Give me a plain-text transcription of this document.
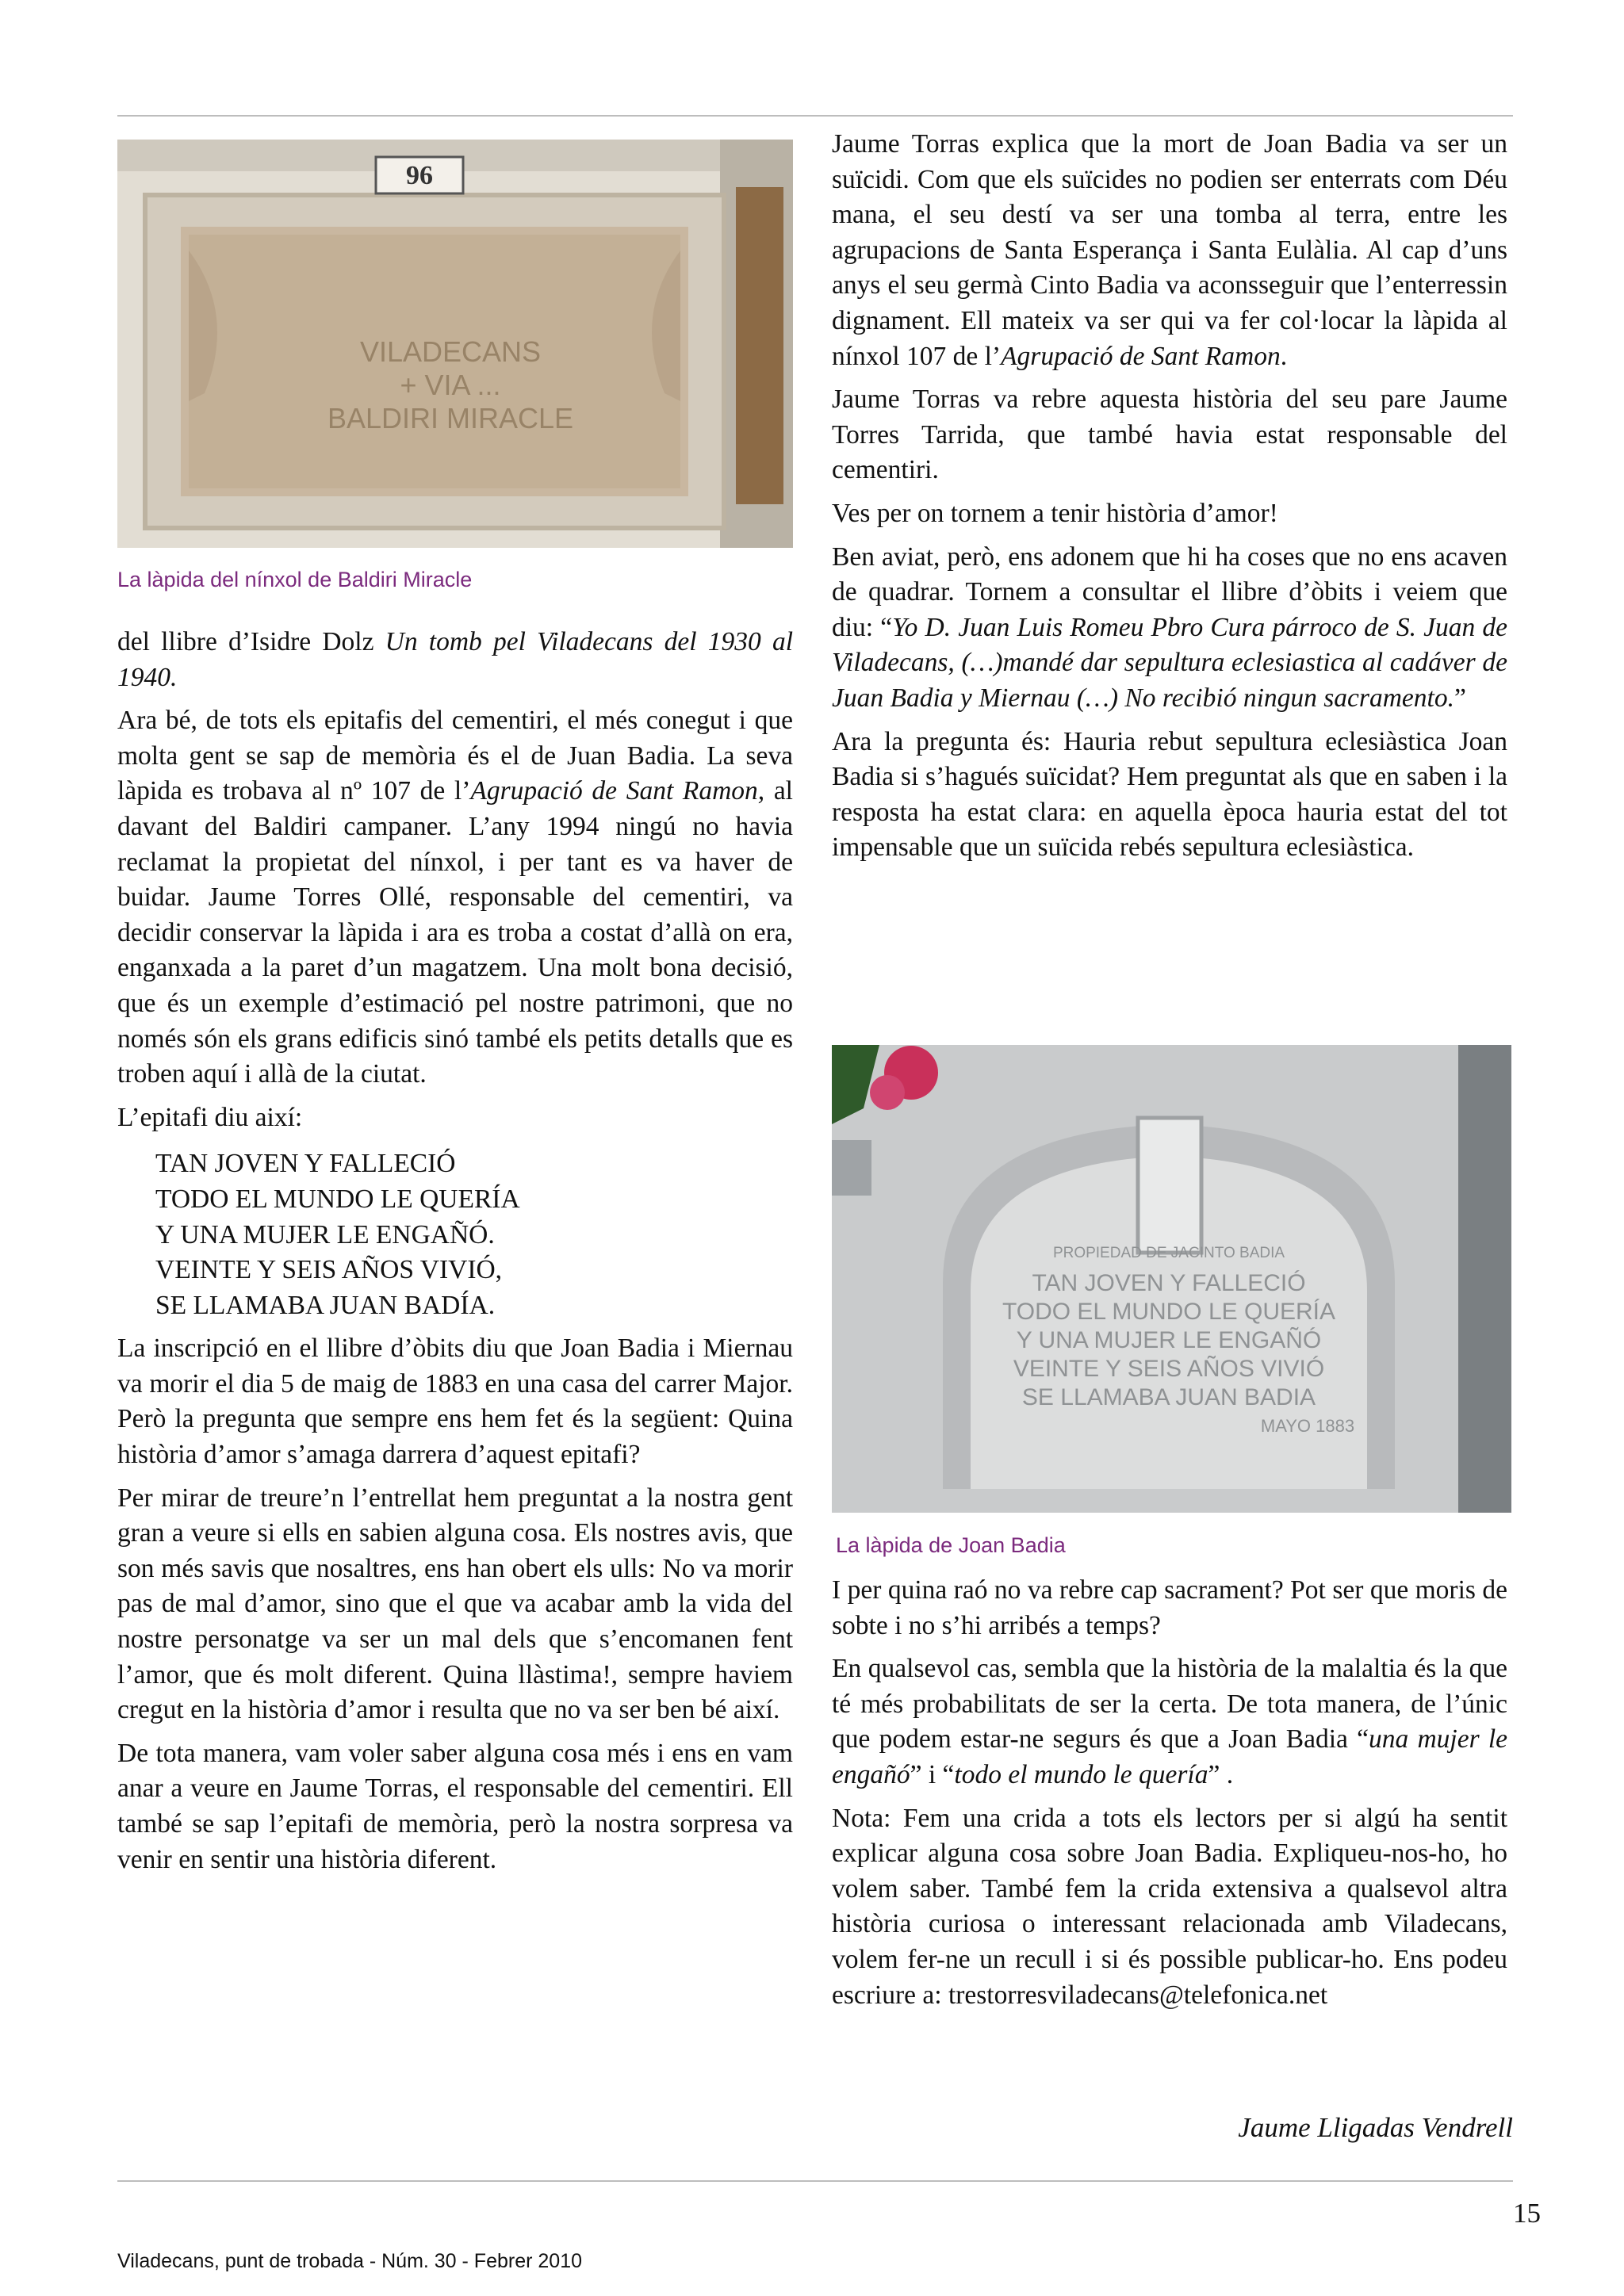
96
VILADECANS
+ VIA ...
BALDIRI MIRACLE
La làpida del nínxol de Baldiri Miracle

del llibre d’Isidre Dolz Un tomb pel Viladecans del 1930 al 1940.

Ara bé, de tots els epitafis del cementiri, el més conegut i que molta gent se sap de memòria és el de Juan Badia. La seva làpida es trobava al nº 107 de l’Agrupació de Sant Ramon, al davant del Baldiri campaner. L’any 1994 ningú no havia reclamat la propietat del nínxol, i per tant es va haver de buidar. Jaume Torres Ollé, responsable del cementiri, va decidir conservar la làpida i ara es troba a costat d’allà on era, enganxada a la paret d’un magatzem. Una molt bona decisió, que és un exemple d’estimació pel nostre patrimoni, que no només són els grans edificis sinó també els petits detalls que es troben aquí i allà de la ciutat.

L’epitafi diu així:

TAN JOVEN Y FALLECIÓ
TODO EL MUNDO LE QUERÍA
Y UNA MUJER LE ENGAÑÓ.
VEINTE Y SEIS AÑOS VIVIÓ,
SE LLAMABA JUAN BADÍA.

La inscripció en el llibre d’òbits diu que Joan Badia i Miernau va morir el dia 5 de maig de 1883 en una casa del carrer Major. Però la pregunta que sempre ens hem fet és la següent: Quina història d’amor s’amaga darrera d’aquest epitafi?

Per mirar de treure’n l’entrellat hem preguntat a la nostra gent gran a veure si ells en sabien alguna cosa. Els nostres avis, que son més savis que nosaltres, ens han obert els ulls: No va morir pas de mal d’amor, sino que el que va acabar amb la vida del nostre personatge va ser un mal dels que s’encomanen fent l’amor, que és molt diferent. Quina llàstima!, sempre haviem cregut en la història d’amor i resulta que no va ser ben bé així.

De tota manera, vam voler saber alguna cosa més i ens en vam anar a veure en Jaume Torras, el responsable del cementiri. Ell també se sap l’epitafi de memòria, però la nostra sorpresa va venir en sentir una història diferent.

Jaume Torras explica que la mort de Joan Badia va ser un suïcidi. Com que els suïcides no podien ser enterrats com Déu mana, el seu destí va ser una tomba al terra, entre les agrupacions de Santa Esperança i Santa Eulàlia. Al cap d’uns anys el seu germà Cinto Badia va aconsseguir que l’enterressin dignament. Ell mateix va ser qui va fer col·locar la làpida al nínxol 107 de l’Agrupació de Sant Ramon.

Jaume Torras va rebre aquesta història del seu pare Jaume Torres Tarrida, que també havia estat responsable del cementiri.

Ves per on tornem a tenir història d’amor!

Ben aviat, però, ens adonem que hi ha coses que no ens acaven de quadrar. Tornem a consultar el llibre d’òbits i veiem que diu: “Yo D. Juan Luis Romeu Pbro Cura párroco de S. Juan de Viladecans, (…)mandé dar sepultura eclesiastica al cadáver de Juan Badia y Miernau (…) No recibió ningun sacramento.”

Ara la pregunta és: Hauria rebut sepultura eclesiàstica Joan Badia si s’hagués suïcidat? Hem preguntat als que en saben i la resposta ha estat clara: en aquella època hauria estat del tot impensable que un suïcida rebés sepultura eclesiàstica.

PROPIEDAD DE JACINTO BADIA
TAN JOVEN Y FALLECIÓ
TODO EL MUNDO LE QUERÍA
Y UNA MUJER LE ENGAÑÓ
VEINTE Y SEIS AÑOS VIVIÓ
SE LLAMABA JUAN BADIA
MAYO 1883
La làpida de Joan Badia

I per quina raó no va rebre cap sacrament? Pot ser que moris de sobte i no s’hi arribés a temps?

En qualsevol cas, sembla que la història de la malaltia és la que té més probabilitats de ser la certa. De tota manera, de l’únic que podem estar-ne segurs és que a Joan Badia “una mujer le engañó” i “todo el mundo le quería” .

Nota: Fem una crida a tots els lectors per si algú ha sentit explicar alguna cosa sobre Joan Badia. Expliqueu-nos-ho, ho volem saber. També fem la crida extensiva a qualsevol altra història curiosa o interessant relacionada amb Viladecans, volem fer-ne un recull i si és possible publicar-ho. Ens podeu escriure a: trestorresviladecans@telefonica.net

Jaume Lligadas Vendrell
Viladecans, punt de trobada - Núm. 30 - Febrer 2010
15
